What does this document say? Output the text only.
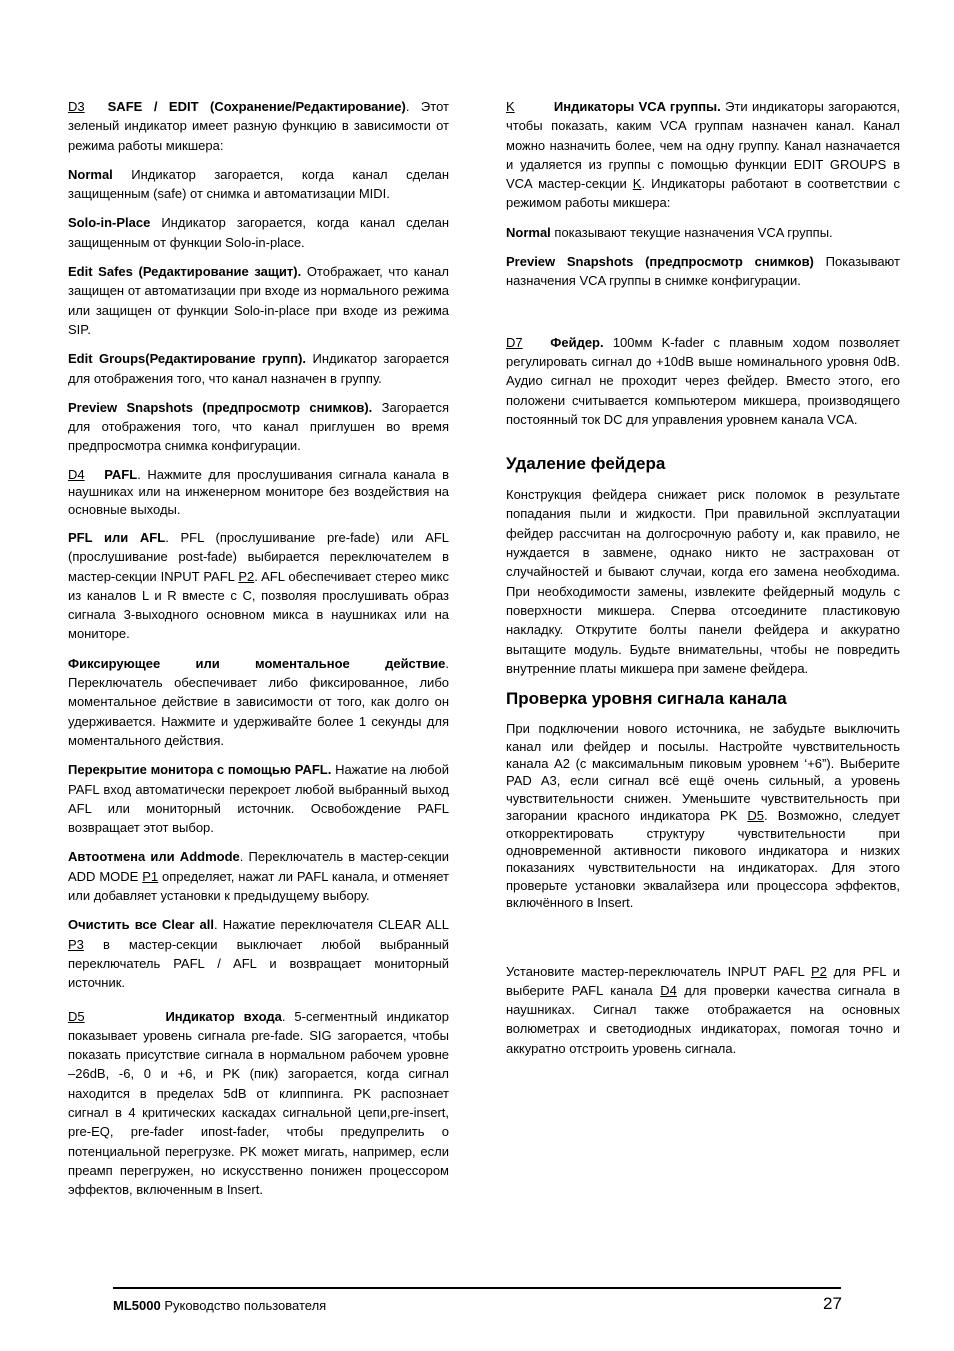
D3 SAFE / EDIT (Сохранение/Редактирование). Этот зеленый индикатор имеет разную функцию в зависимости от режима работы микшера:

Normal Индикатор загорается, когда канал сделан защищенным (safe) от снимка и автоматизации MIDI.

Solo-in-Place Индикатор загорается, когда канал сделан защищенным от функции Solo-in-place.

Edit Safes (Редактирование защит). Отображает, что канал защищен от автоматизации при входе из нормального режима или защищен от функции Solo-in-place при входе из режима SIP.

Edit Groups(Редактирование групп). Индикатор загорается для отображения того, что канал назначен в группу.

Preview Snapshots (предпросмотр снимков). Загорается для отображения того, что канал приглушен во время предпросмотра снимка конфигурации.

D4 PAFL. Нажмите для прослушивания сигнала канала в наушниках или на инженерном мониторе без воздействия на основные выходы.

PFL или AFL. PFL (прослушивание pre-fade) или AFL (прослушивание post-fade) выбирается переключателем в мастер-секции INPUT PAFL P2. AFL обеспечивает стерео микс из каналов L и R вместе с C, позволяя прослушивать образ сигнала 3-выходного основном микса в наушниках или на мониторе.

Фиксирующее или моментальное действие. Переключатель обеспечивает либо фиксированное, либо моментальное действие в зависимости от того, как долго он удерживается. Нажмите и удерживайте более 1 секунды для моментального действия.

Перекрытие монитора с помощью PAFL. Нажатие на любой PAFL вход автоматически перекроет любой выбранный выход AFL или мониторный источник. Освобождение PAFL возвращает этот выбор.

Автоотмена или Addmode. Переключатель в мастер-секции ADD MODE P1 определяет, нажат ли PAFL канала, и отменяет или добавляет установки к предыдущему выбору.

Очистить все Clear all. Нажатие переключателя CLEAR ALL P3 в мастер-секции выключает любой выбранный переключатель PAFL / AFL и возвращает мониторный источник.

D5	Индикатор входа. 5-сегментный индикатор показывает уровень сигнала pre-fade. SIG загорается, чтобы показать присутствие сигнала в нормальном рабочем уровне –26dB, -6, 0 и +6, и PK (пик) загорается, когда сигнал находится в пределах 5dB от клиппинга. PK распознает сигнал в 4 критических каскадах сигнальной цепи,pre-insert, pre-EQ, pre-fader ипost-fader, чтобы предупрелить о потенциальной перегрузке. PK может мигать, например, если преамп перегружен, но искусственно понижен процессором эффектов, включенным в Insert.

K	Индикаторы VCA группы. Эти индикаторы загораются, чтобы показать, каким VCA группам назначен канал. Канал можно назначить более, чем на одну группу. Канал назначается и удаляется из группы с помощью функции EDIT GROUPS в VCA мастер-секции K. Индикаторы работают в соответствии с режимом работы микшера:

Normal показывают текущие назначения VCA группы.

Preview Snapshots (предпросмотр снимков) Показывают назначения VCA группы в снимке конфигурации.

D7 Фейдер. 100мм K-fader с плавным ходом позволяет регулировать сигнал до +10dB выше номинального уровня 0dB. Аудио сигнал не проходит через фейдер. Вместо этого, его положени считывается компьютером микшера, производящего постоянный ток DC для управления уровнем канала VCA.

Удаление фейдера

Конструкция фейдера снижает риск поломок в результате попадания пыли и жидкости. При правильной эксплуатации фейдер рассчитан на долгосрочную работу и, как правило, не нуждается в завмене, однако никто не застрахован от случайностей и бывают случаи, когда его замена необходима. При необходимости замены, извлеките фейдерный модуль с поверхности микшера. Сперва отсоедините пластиковую накладку. Открутите болты панели фейдера и аккуратно вытащите модуль. Будьте внимательны, чтобы не повредить внутренние платы микшера при замене фейдера.

Проверка уровня сигнала канала

При подключении нового источника, не забудьте выключить канал или фейдер и посылы. Настройте чувствительность канала A2 (с максимальным пиковым уровнем ‘+6”). Выберите PAD A3, если сигнал всё ещё очень сильный, а уровень чувствительности снижен. Уменьшите чувствительность при загорании красного индикатора PK D5. Возможно, следует откорректировать структуру чувствительности при одновременной активности пикового индикатора и низких показаниях чувствительности на индикаторах. Для этого проверьте установки эквалайзера или процессора эффектов, включённого в Insert.

Установите мастер-переключатель INPUT PAFL P2 для PFL и выберите PAFL канала D4 для проверки качества сигнала в наушниках. Сигнал также отображается на основных волюметрах и светодиодных индикаторах, помогая точно и аккуратно отстроить уровень сигнала.

ML5000 Руководство пользователя	27
